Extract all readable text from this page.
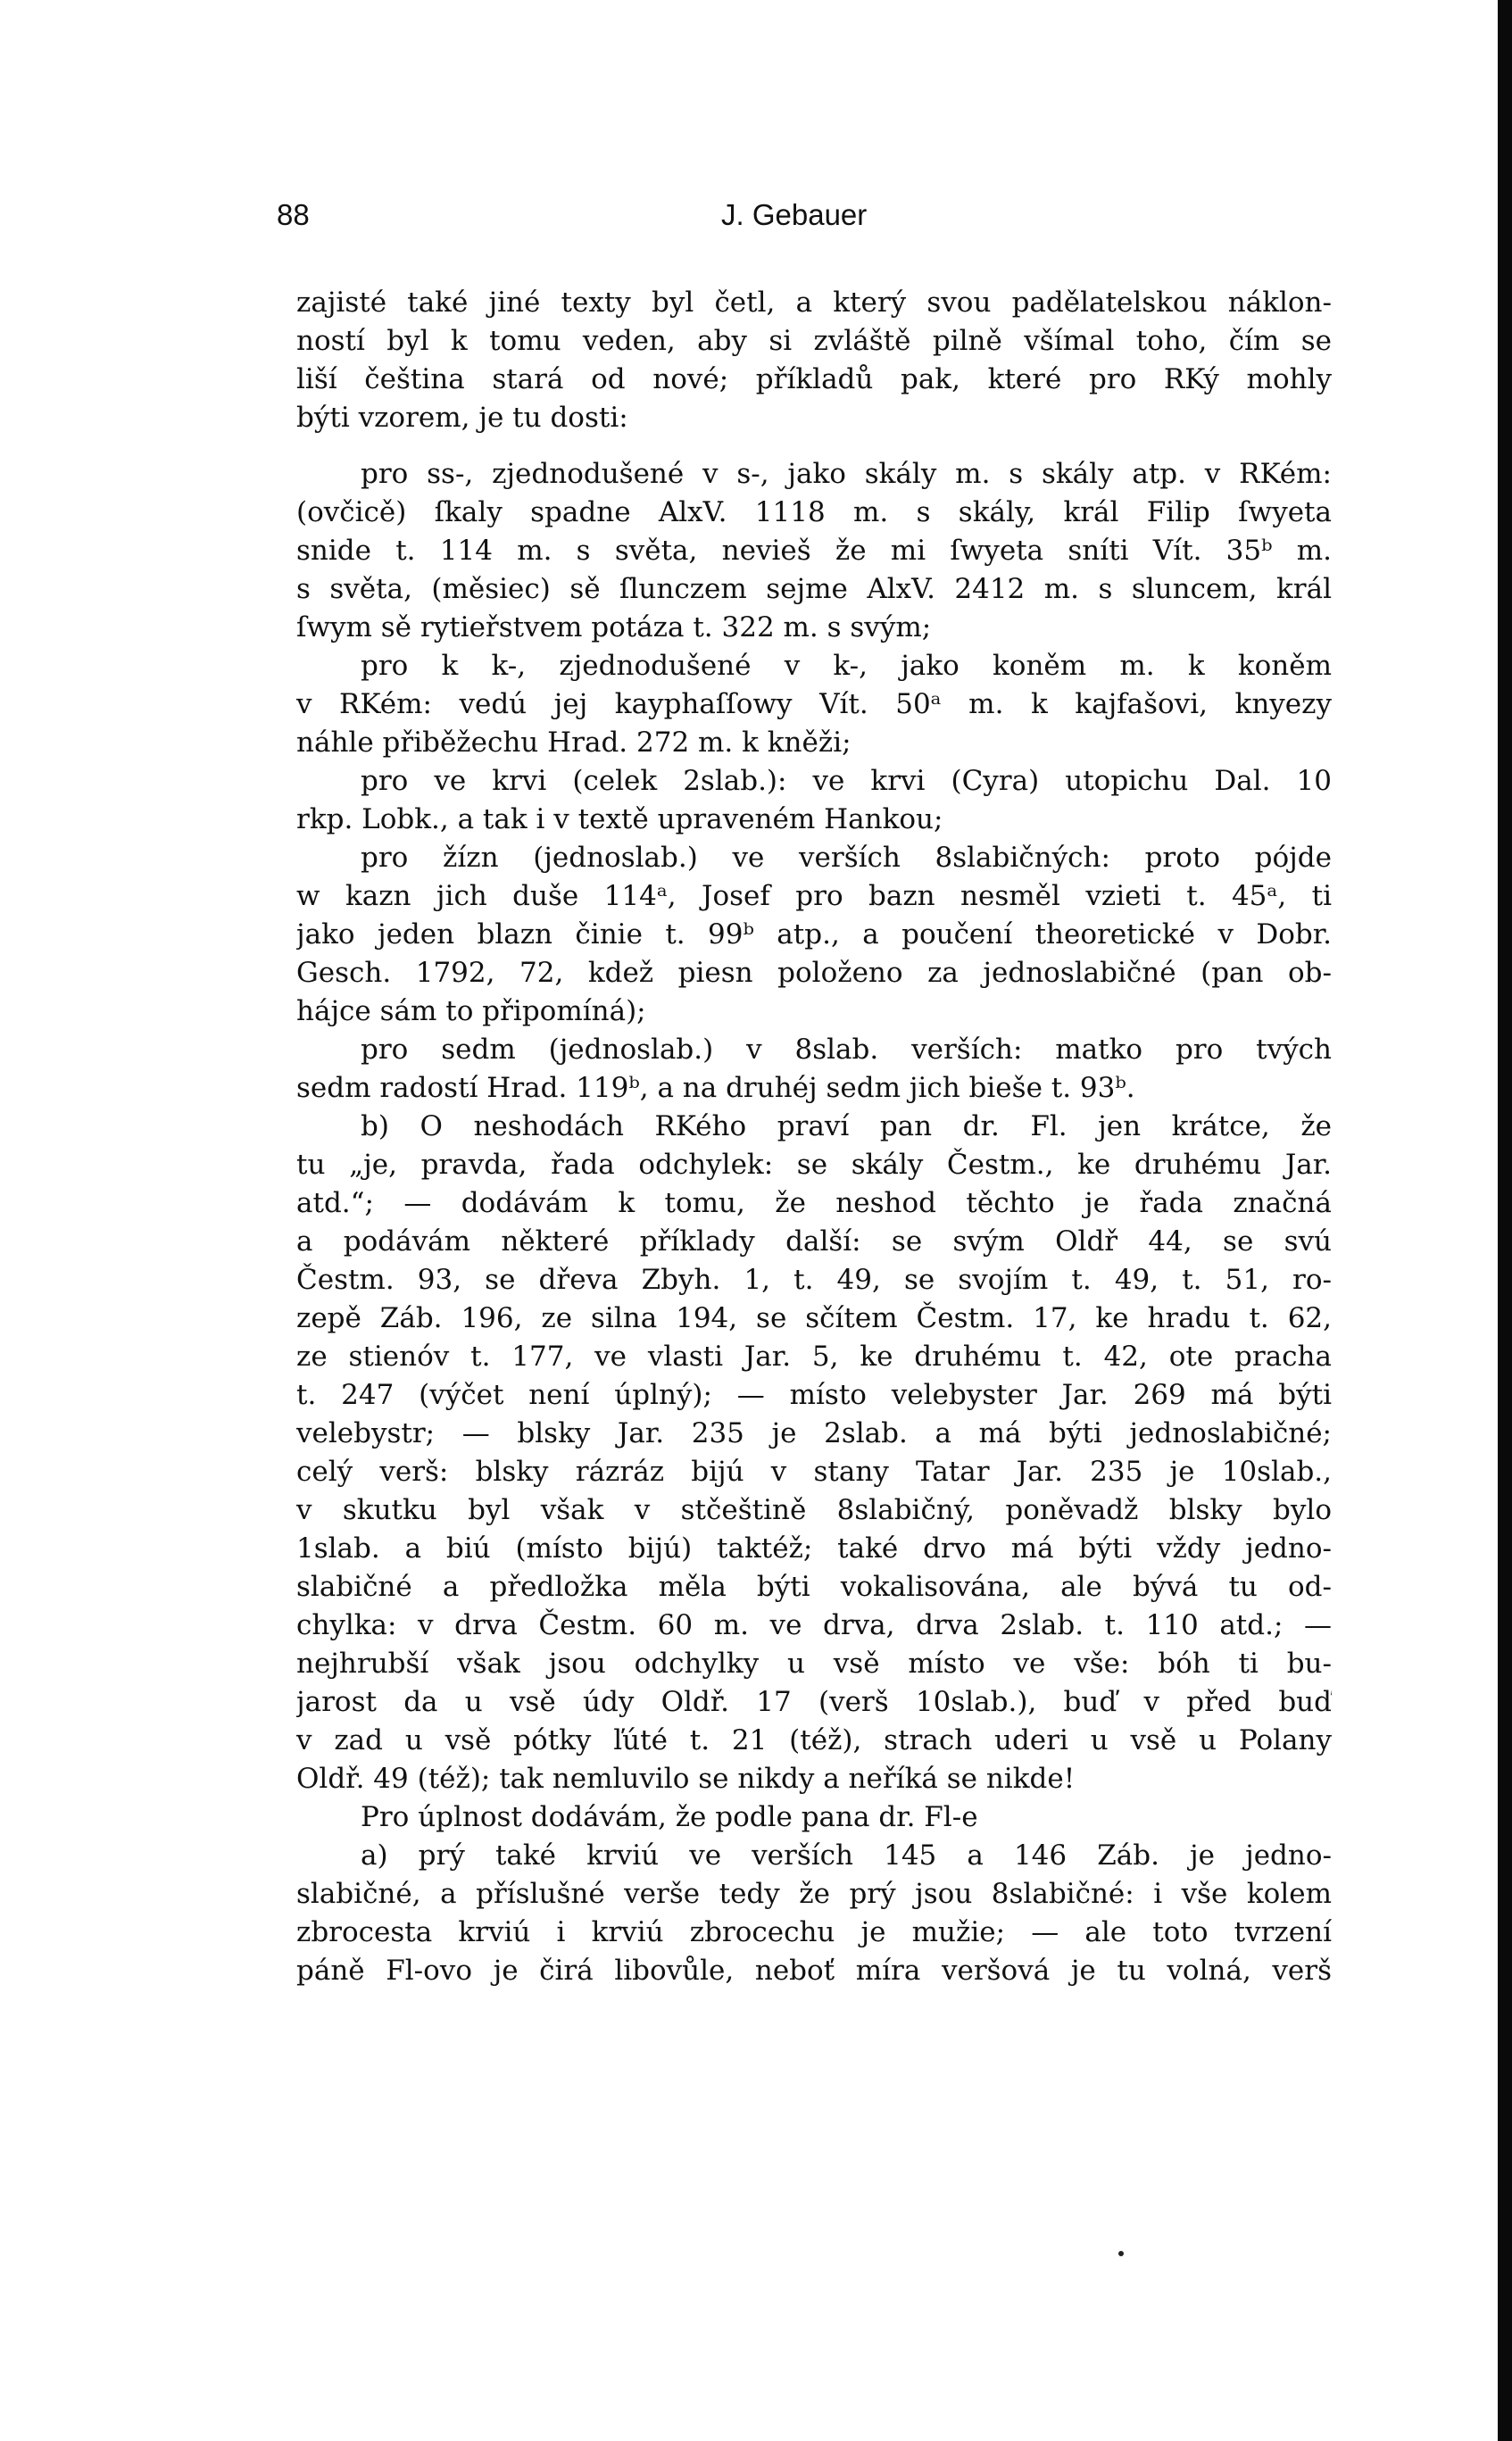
88	J. Gebauer
zajisté také jiné texty byl četl, a který svou padělatelskou náklon-
ností byl k tomu veden, aby si zvláště pilně všímal toho, čím se
liší čeština stará od nové; příkladů pak, které pro RKý mohly
býti vzorem, je tu dosti:
pro ss-, zjednodušené v s-, jako skály m. s skály atp. v RKém:
(ovčicě) ſkaly spadne AlxV. 1118 m. s skály, král Filip ſwyeta
snide t. 114 m. s světa, nevieš že mi ſwyeta sníti Vít. 35ᵇ m.
s světa, (měsiec) sě ſlunczem sejme AlxV. 2412 m. s sluncem, král
ſwym sě rytieřstvem potáza t. 322 m. s svým;
pro k k-, zjednodušené v k-, jako koněm m. k koněm
v RKém: vedú jej kayphaſſowy Vít. 50ᵃ m. k kajfašovi, knyezy
náhle přiběžechu Hrad. 272 m. k kněži;
pro ve krvi (celek 2slab.): ve krvi (Cyra) utopichu Dal. 10
rkp. Lobk., a tak i v textě upraveném Hankou;
pro žízn (jednoslab.) ve verších 8slabičných: proto pójde
w kazn jich duše 114ᵃ, Josef pro bazn nesměl vzieti t. 45ᵃ, ti
jako jeden blazn činie t. 99ᵇ atp., a poučení theoretické v Dobr.
Gesch. 1792, 72, kdež piesn položeno za jednoslabičné (pan ob-
hájce sám to připomíná);
pro sedm (jednoslab.) v 8slab. verších: matko pro tvých
sedm radostí Hrad. 119ᵇ, a na druhéj sedm jich bieše t. 93ᵇ.
b) O neshodách RKého praví pan dr. Fl. jen krátce, že
tu „je, pravda, řada odchylek: se skály Čestm., ke druhému Jar.
atd.“; — dodávám k tomu, že neshod těchto je řada značná
a podávám některé příklady další: se svým Oldř 44, se svú
Čestm. 93, se dřeva Zbyh. 1, t. 49, se svojím t. 49, t. 51, ro-
zepě Záb. 196, ze silna 194, se sčítem Čestm. 17, ke hradu t. 62,
ze stienóv t. 177, ve vlasti Jar. 5, ke druhému t. 42, ote pracha
t. 247 (výčet není úplný); — místo velebyster Jar. 269 má býti
velebystr; — blsky Jar. 235 je 2slab. a má býti jednoslabičné;
celý verš: blsky rázráz bijú v stany Tatar Jar. 235 je 10slab.,
v skutku byl však v stčeštině 8slabičný, poněvadž blsky bylo
1slab. a biú (místo bijú) taktéž; také drvo má býti vždy jedno-
slabičné a předložka měla býti vokalisována, ale bývá tu od-
chylka: v drva Čestm. 60 m. ve drva, drva 2slab. t. 110 atd.; —
nejhrubší však jsou odchylky u vsě místo ve vše: bóh ti bu-
jarost da u vsě údy Oldř. 17 (verš 10slab.), buď v před buď
v zad u vsě pótky ľúté t. 21 (též), strach uderi u vsě u Polany
Oldř. 49 (též); tak nemluvilo se nikdy a neříká se nikde!
Pro úplnost dodávám, že podle pana dr. Fl-e
a) prý také krviú ve verších 145 a 146 Záb. je jedno-
slabičné, a příslušné verše tedy že prý jsou 8slabičné: i vše kolem
zbrocesta krviú i krviú zbrocechu je mužie; — ale toto tvrzení
páně Fl-ovo je čirá libovůle, neboť míra veršová je tu volná, verš
